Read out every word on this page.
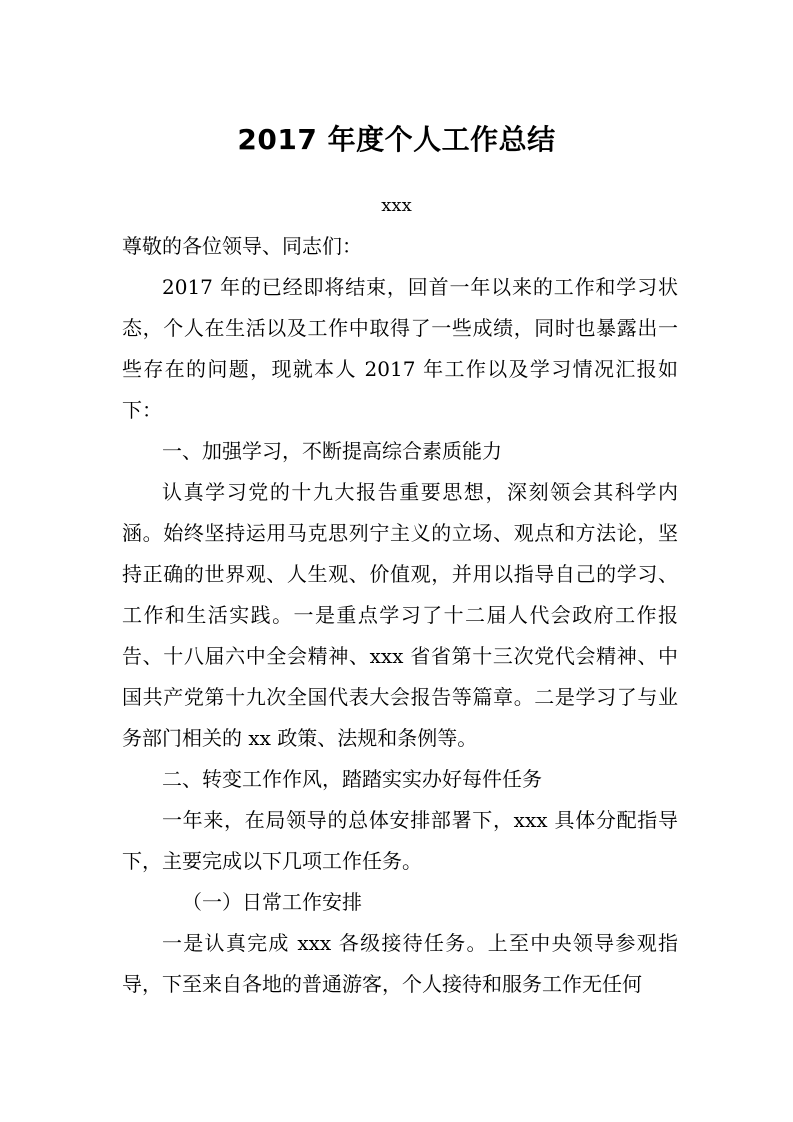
2017 年度个人工作总结
xxx

尊敬的各位领导、同志们：

2017 年的已经即将结束，回首一年以来的工作和学习状态，个人在生活以及工作中取得了一些成绩，同时也暴露出一些存在的问题，现就本人 2017 年工作以及学习情况汇报如下：

一、加强学习，不断提高综合素质能力

认真学习党的十九大报告重要思想，深刻领会其科学内涵。始终坚持运用马克思列宁主义的立场、观点和方法论，坚持正确的世界观、人生观、价值观，并用以指导自己的学习、工作和生活实践。一是重点学习了十二届人代会政府工作报告、十八届六中全会精神、xxx 省省第十三次党代会精神、中国共产党第十九次全国代表大会报告等篇章。二是学习了与业务部门相关的 xx 政策、法规和条例等。

二、转变工作作风，踏踏实实办好每件任务

一年来，在局领导的总体安排部署下，xxx 具体分配指导下，主要完成以下几项工作任务。

（一）日常工作安排

一是认真完成 xxx 各级接待任务。上至中央领导参观指导，下至来自各地的普通游客，个人接待和服务工作无任何
